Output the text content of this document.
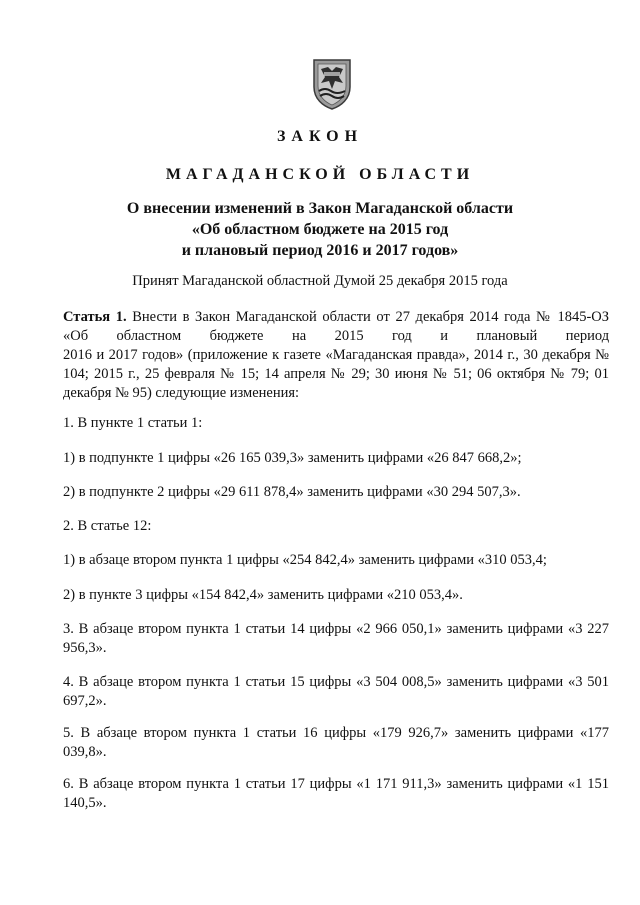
ЗАКОН
МАГАДАНСКОЙ ОБЛАСТИ
О внесении изменений в Закон Магаданской области
«Об областном бюджете на 2015 год
и плановый период 2016 и 2017 годов»
Принят Магаданской областной Думой 25 декабря 2015 года
Статья 1. Внести в Закон Магаданской области от 27 декабря 2014 года № 1845-ОЗ
«Об областном бюджете на 2015 год и плановый период
2016 и 2017 годов» (приложение к газете «Магаданская правда», 2014 г., 30 декабря № 104; 2015 г., 25 февраля № 15; 14 апреля № 29; 30 июня № 51; 06 октября № 79; 01 декабря № 95) следующие изменения:

1. В пункте 1 статьи 1:

1) в подпункте 1 цифры «26 165 039,3» заменить цифрами «26 847 668,2»;

2) в подпункте 2 цифры «29 611 878,4» заменить цифрами «30 294 507,3».

2. В статье 12:

1) в абзаце втором пункта 1 цифры «254 842,4» заменить цифрами «310 053,4;

2) в пункте 3 цифры «154 842,4» заменить цифрами «210 053,4».

3. В абзаце втором пункта 1 статьи 14 цифры «2 966 050,1» заменить цифрами «3 227 956,3».

4. В абзаце втором пункта 1 статьи 15 цифры «3 504 008,5» заменить цифрами «3 501 697,2».

5. В абзаце втором пункта 1 статьи 16 цифры «179 926,7» заменить цифрами «177 039,8».

6. В абзаце втором пункта 1 статьи 17 цифры «1 171 911,3» заменить цифрами «1 151 140,5».
